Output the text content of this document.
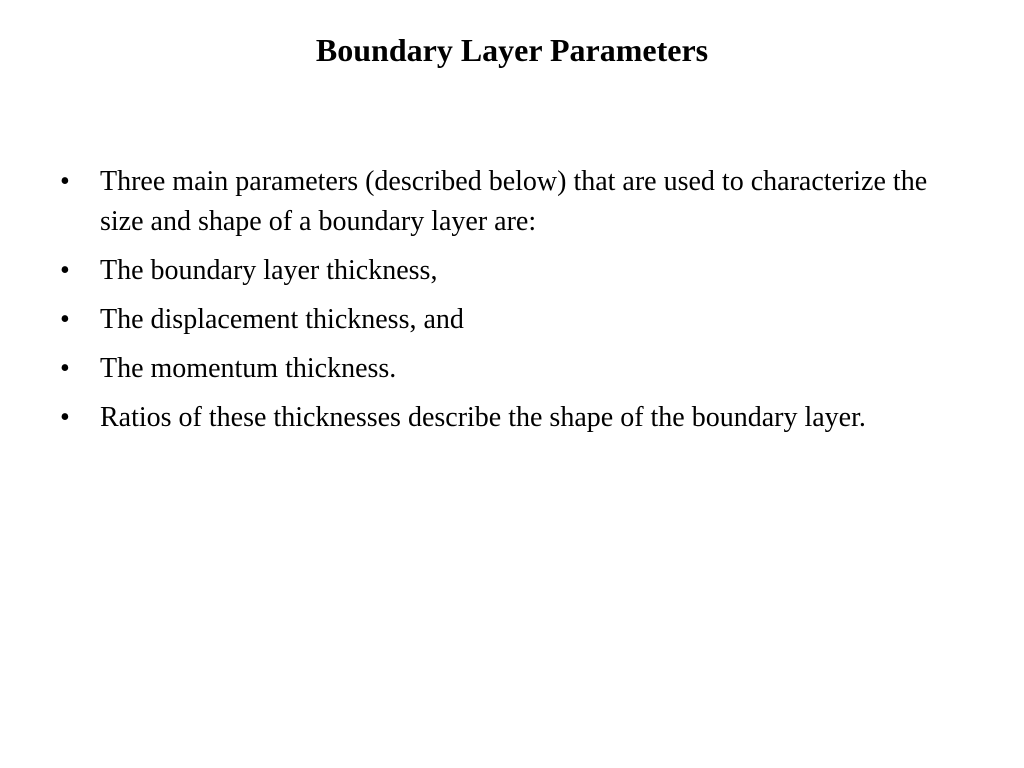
Boundary Layer Parameters
•	Three main parameters (described below) that are used to characterize the size and shape of a boundary layer are:
•	The boundary layer thickness,
•	The displacement thickness, and
•	The momentum thickness.
•	Ratios of these thicknesses describe the shape of the boundary layer.
